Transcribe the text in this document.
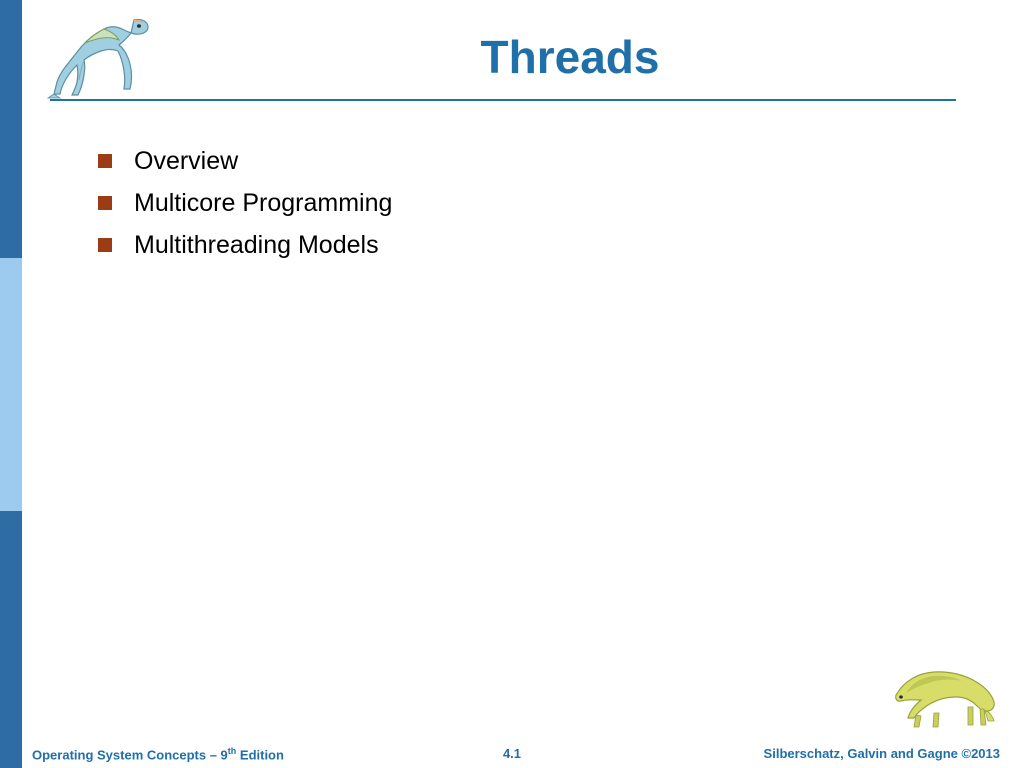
Threads
Overview
Multicore Programming
Multithreading Models
Operating System Concepts – 9th Edition	4.1	Silberschatz, Galvin and Gagne ©2013
